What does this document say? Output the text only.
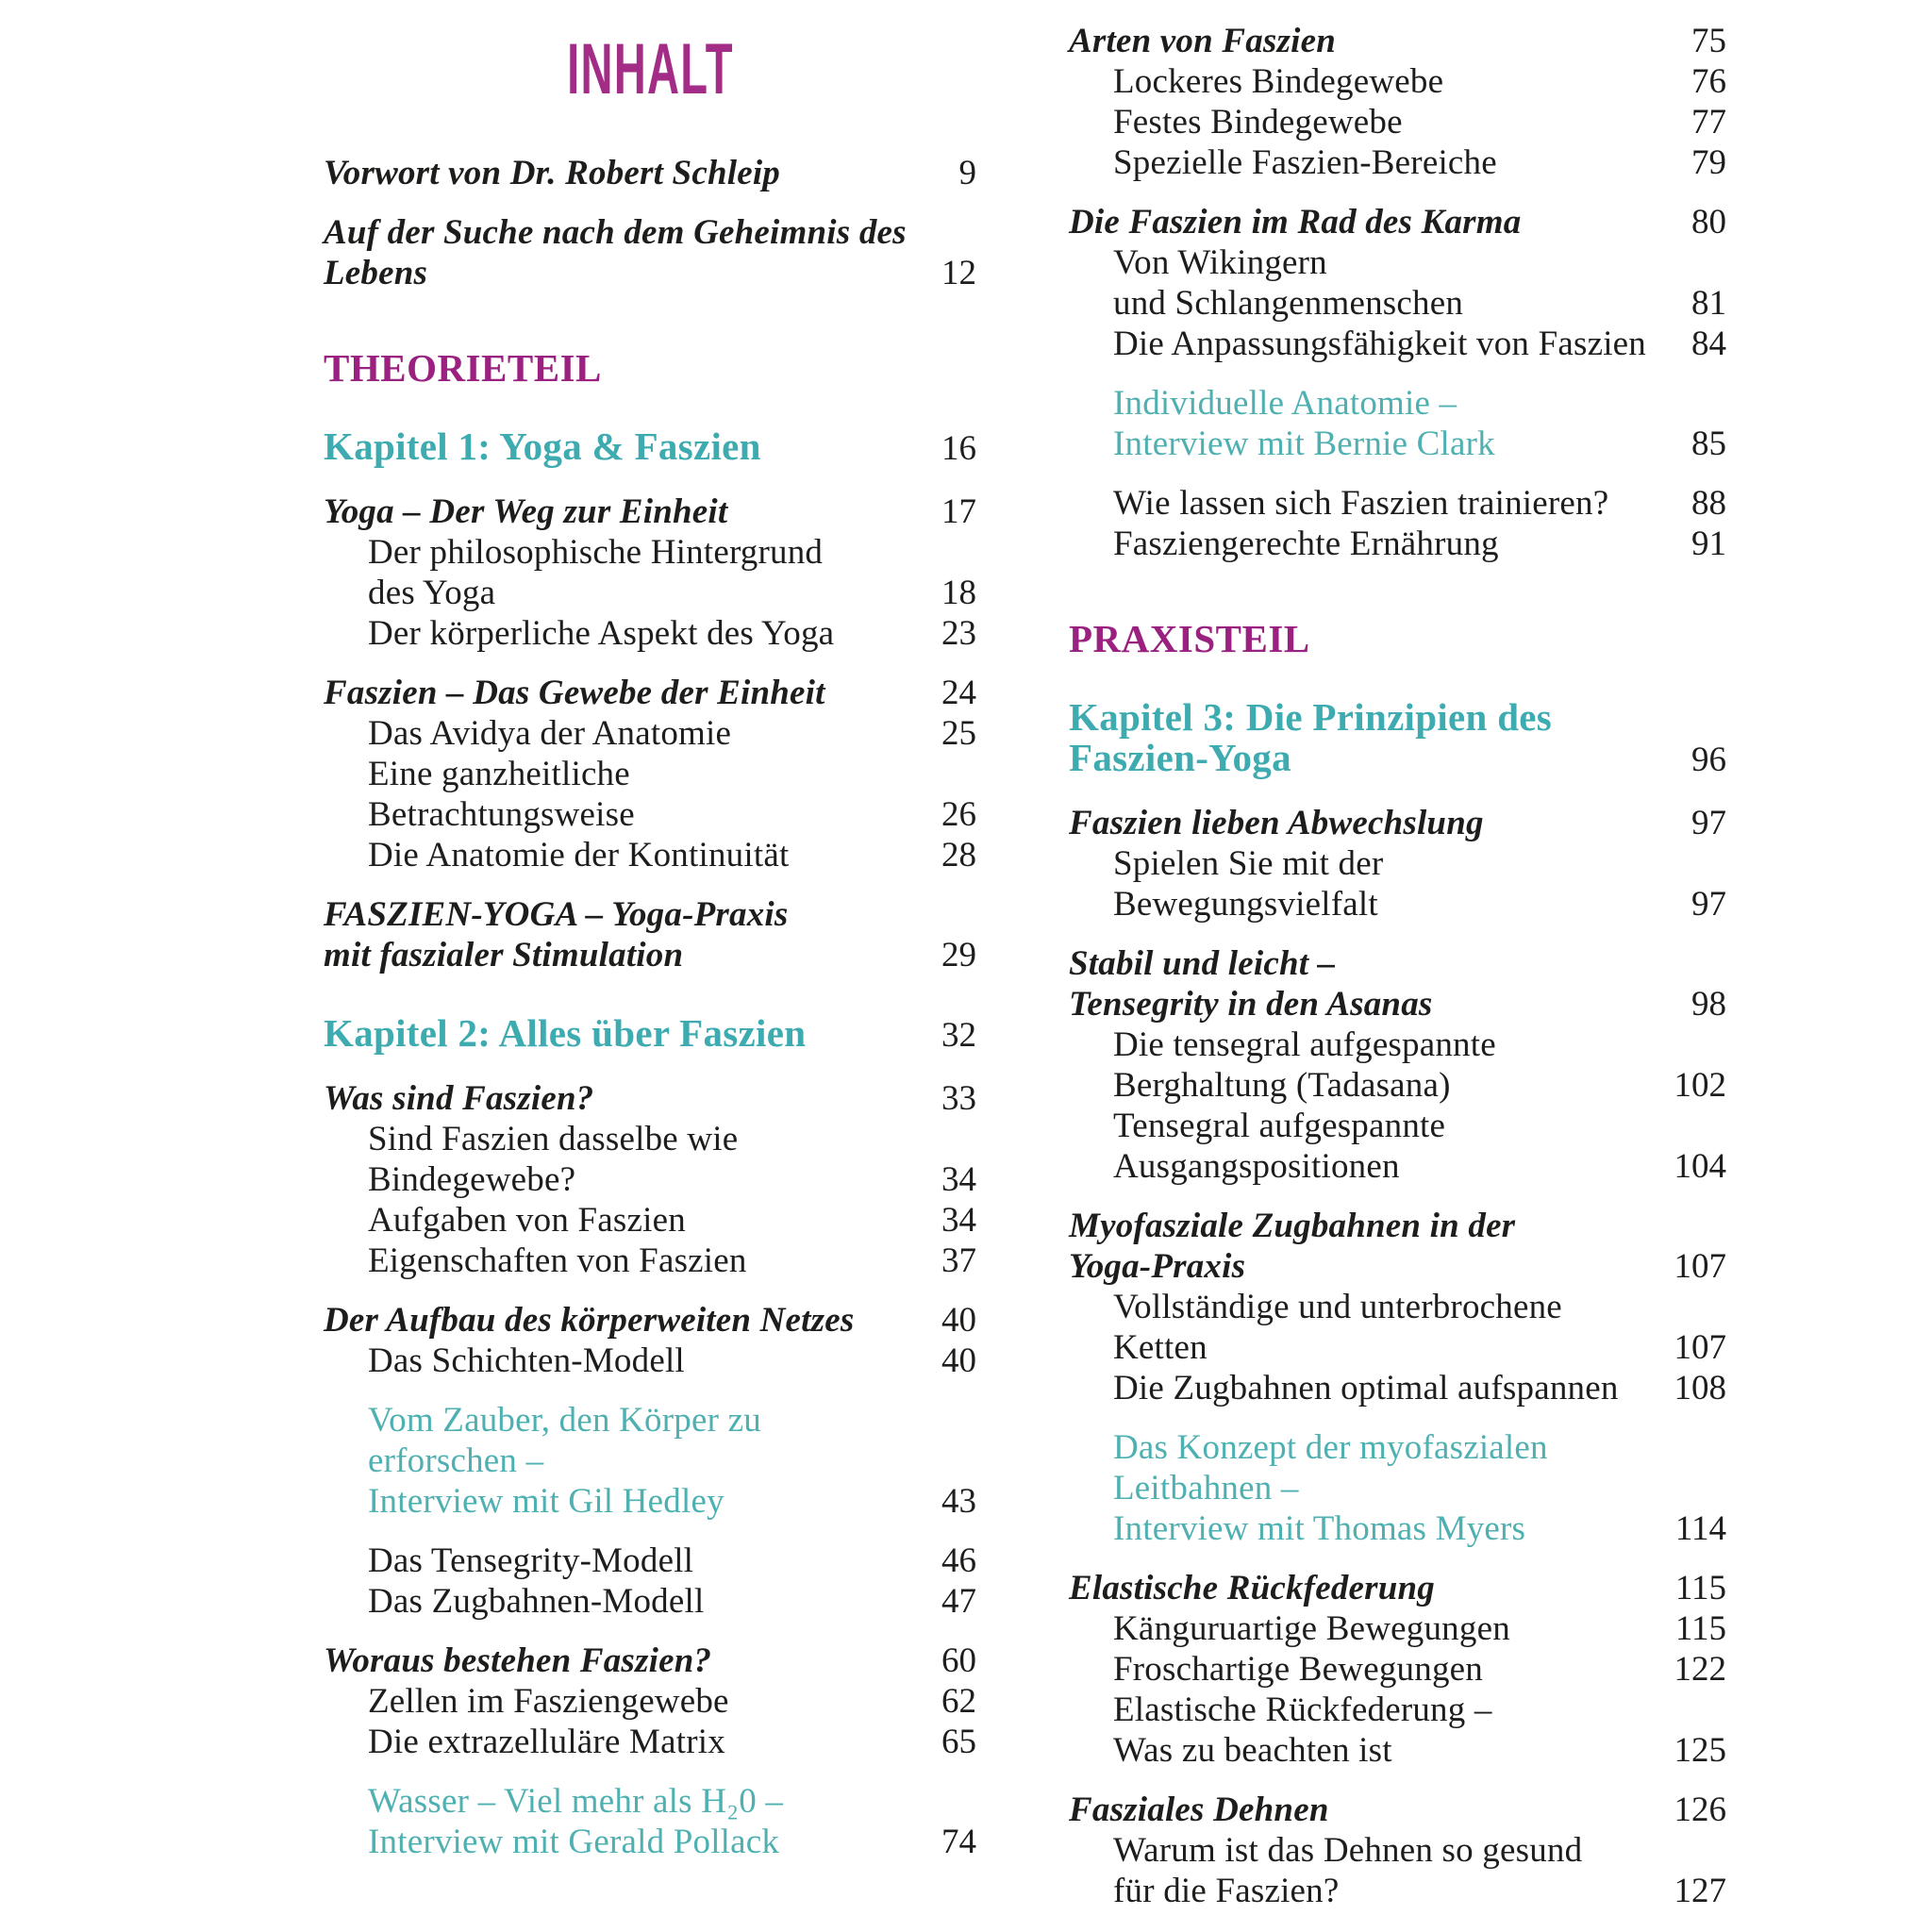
INHALT
Vorwort von Dr. Robert Schleip	9
Auf der Suche nach dem Geheimnis des
Lebens	12
THEORIETEIL
Kapitel 1: Yoga & Faszien	16
Yoga – Der Weg zur Einheit	17
Der philosophische Hintergrund
des Yoga	18
Der körperliche Aspekt des Yoga	23
Faszien – Das Gewebe der Einheit	24
Das Avidya der Anatomie	25
Eine ganzheitliche
Betrachtungsweise	26
Die Anatomie der Kontinuität	28
FASZIEN-YOGA – Yoga-Praxis
mit faszialer Stimulation	29
Kapitel 2: Alles über Faszien	32
Was sind Faszien?	33
Sind Faszien dasselbe wie
Bindegewebe?	34
Aufgaben von Faszien	34
Eigenschaften von Faszien	37
Der Aufbau des körperweiten Netzes	40
Das Schichten-Modell	40
Vom Zauber, den Körper zu
erforschen –
Interview mit Gil Hedley	43
Das Tensegrity-Modell	46
Das Zugbahnen-Modell	47
Woraus bestehen Faszien?	60
Zellen im Fasziengewebe	62
Die extrazelluläre Matrix	65
Wasser – Viel mehr als H₂0 –
Interview mit Gerald Pollack	74
Arten von Faszien	75
Lockeres Bindegewebe	76
Festes Bindegewebe	77
Spezielle Faszien-Bereiche	79
Die Faszien im Rad des Karma	80
Von Wikingern
und Schlangenmenschen	81
Die Anpassungsfähigkeit von Faszien 84
Individuelle Anatomie –
Interview mit Bernie Clark	85
Wie lassen sich Faszien trainieren? 88
Fasziengerechte Ernährung	91
PRAXISTEIL
Kapitel 3: Die Prinzipien des
Faszien-Yoga	96
Faszien lieben Abwechslung	97
Spielen Sie mit der
Bewegungsvielfalt	97
Stabil und leicht –
Tensegrity in den Asanas	98
Die tensegral aufgespannte
Berghaltung (Tadasana)	102
Tensegral aufgespannte
Ausgangspositionen	104
Myofasziale Zugbahnen in der
Yoga-Praxis	107
Vollständige und unterbrochene
Ketten	107
Die Zugbahnen optimal aufspannen 108
Das Konzept der myofaszialen
Leitbahnen –
Interview mit Thomas Myers	114
Elastische Rückfederung	115
Känguruartige Bewegungen	115
Froschartige Bewegungen	122
Elastische Rückfederung –
Was zu beachten ist	125
Fasziales Dehnen	126
Warum ist das Dehnen so gesund
für die Faszien?	127
